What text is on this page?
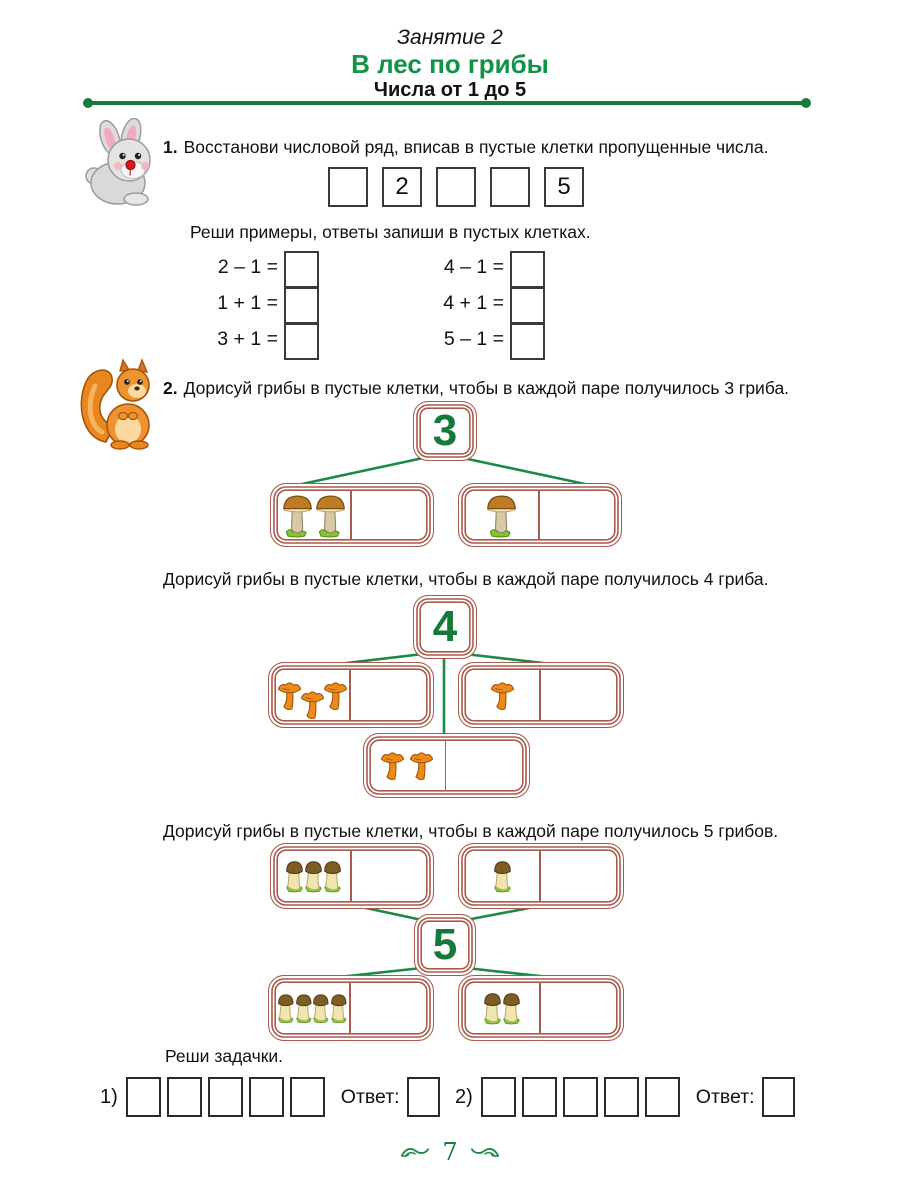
Занятие 2
В лес по грибы
Числа от 1 до 5
1. Восстанови числовой ряд, вписав в пустые клетки пропущенные числа.
2	5
Реши примеры, ответы запиши в пустых клетках.
2 – 1 =
1 + 1 =
3 + 1 =
4 – 1 =
4 + 1 =
5 – 1 =
2. Дорисуй грибы в пустые клетки, чтобы в каждой паре получилось 3 гриба.
3
Дорисуй грибы в пустые клетки, чтобы в каждой паре получилось 4 гриба.
4
Дорисуй грибы в пустые клетки, чтобы в каждой паре получилось 5 грибов.
5
Реши задачки.
1)	Ответ:	2)	Ответ:
7
